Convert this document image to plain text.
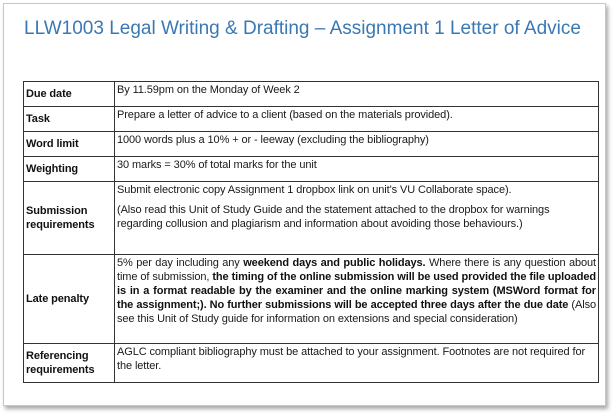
LLW1003 Legal Writing & Drafting – Assignment 1 Letter of Advice
Due date	By 11.59pm on the Monday of Week 2
Task	Prepare a letter of advice to a client (based on the materials provided).
Word limit	1000 words plus a 10% + or - leeway (excluding the bibliography)
Weighting	30 marks = 30% of total marks for the unit
Submission requirements	Submit electronic copy Assignment 1 dropbox link on unit's VU Collaborate space).

(Also read this Unit of Study Guide and the statement attached to the dropbox for warnings regarding collusion and plagiarism and information about avoiding those behaviours.)

Late penalty	5% per day including any weekend days and public holidays. Where there is any question about time of submission, the timing of the online submission will be used provided the file uploaded is in a format readable by the examiner and the online marking system (MSWord format for the assignment;). No further submissions will be accepted three days after the due date (Also see this Unit of Study guide for information on extensions and special consideration)
Referencing requirements	AGLC compliant bibliography must be attached to your assignment. Footnotes are not required for the letter.
